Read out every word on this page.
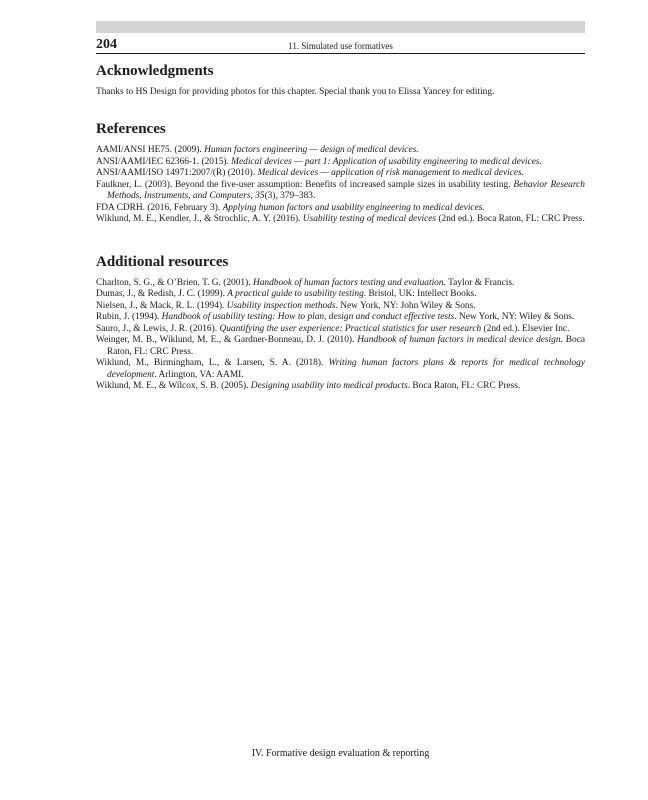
204	11. Simulated use formatives
Acknowledgments

Thanks to HS Design for providing photos for this chapter. Special thank you to Elissa Yancey for editing.

References
AAMI/ANSI HE75. (2009). Human factors engineering — design of medical devices.
ANSI/AAMI/IEC 62366-1. (2015). Medical devices — part 1: Application of usability engineering to medical devices.
ANSI/AAMI/ISO 14971:2007/(R) (2010). Medical devices — application of risk management to medical devices.
Faulkner, L. (2003). Beyond the five-user assumption: Benefits of increased sample sizes in usability testing. Behavior Research Methods, Instruments, and Computers, 35(3), 379–383.
FDA CDRH. (2016, February 3). Applying human factors and usability engineering to medical devices.
Wiklund, M. E., Kendler, J., & Strochlic, A. Y. (2016). Usability testing of medical devices (2nd ed.). Boca Raton, FL: CRC Press.
Additional resources
Charlton, S. G., & O’Brien, T. G. (2001). Handbook of human factors testing and evaluation. Taylor & Francis.
Dumas, J., & Redish, J. C. (1999). A practical guide to usability testing. Bristol, UK: Intellect Books.
Nielsen, J., & Mack, R. L. (1994). Usability inspection methods. New York, NY: John Wiley & Sons.
Rubin, J. (1994). Handbook of usability testing: How to plan, design and conduct effective tests. New York, NY: Wiley & Sons.
Sauro, J., & Lewis, J. R. (2016). Quantifying the user experience: Practical statistics for user research (2nd ed.). Elsevier Inc.
Weinger, M. B., Wiklund, M. E., & Gardner-Bonneau, D. J. (2010). Handbook of human factors in medical device design. Boca Raton, FL: CRC Press.
Wiklund, M., Birmingham, L., & Larsen, S. A. (2018). Writing human factors plans & reports for medical technology development. Arlington, VA: AAMI.
Wiklund, M. E., & Wilcox, S. B. (2005). Designing usability into medical products. Boca Raton, FL: CRC Press.
IV. Formative design evaluation & reporting
